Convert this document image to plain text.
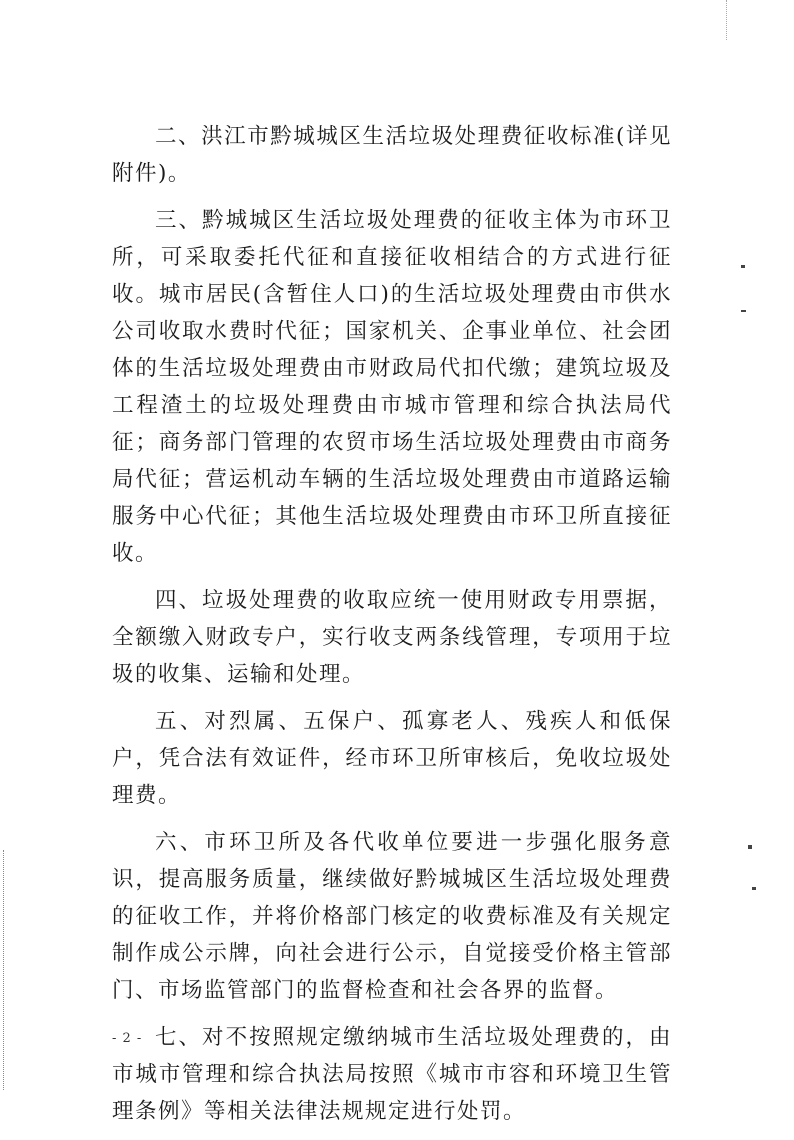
二、洪江市黔城城区生活垃圾处理费征收标准(详见附件)。

三、黔城城区生活垃圾处理费的征收主体为市环卫所，可采取委托代征和直接征收相结合的方式进行征收。城市居民(含暂住人口)的生活垃圾处理费由市供水公司收取水费时代征；国家机关、企事业单位、社会团体的生活垃圾处理费由市财政局代扣代缴；建筑垃圾及工程渣土的垃圾处理费由市城市管理和综合执法局代征；商务部门管理的农贸市场生活垃圾处理费由市商务局代征；营运机动车辆的生活垃圾处理费由市道路运输服务中心代征；其他生活垃圾处理费由市环卫所直接征收。

四、垃圾处理费的收取应统一使用财政专用票据，全额缴入财政专户，实行收支两条线管理，专项用于垃圾的收集、运输和处理。

五、对烈属、五保户、孤寡老人、残疾人和低保户，凭合法有效证件，经市环卫所审核后，免收垃圾处理费。

六、市环卫所及各代收单位要进一步强化服务意识，提高服务质量，继续做好黔城城区生活垃圾处理费的征收工作，并将价格部门核定的收费标准及有关规定制作成公示牌，向社会进行公示，自觉接受价格主管部门、市场监管部门的监督检查和社会各界的监督。

七、对不按照规定缴纳城市生活垃圾处理费的，由市城市管理和综合执法局按照《城市市容和环境卫生管理条例》等相关法律法规规定进行处罚。

- 2 -
